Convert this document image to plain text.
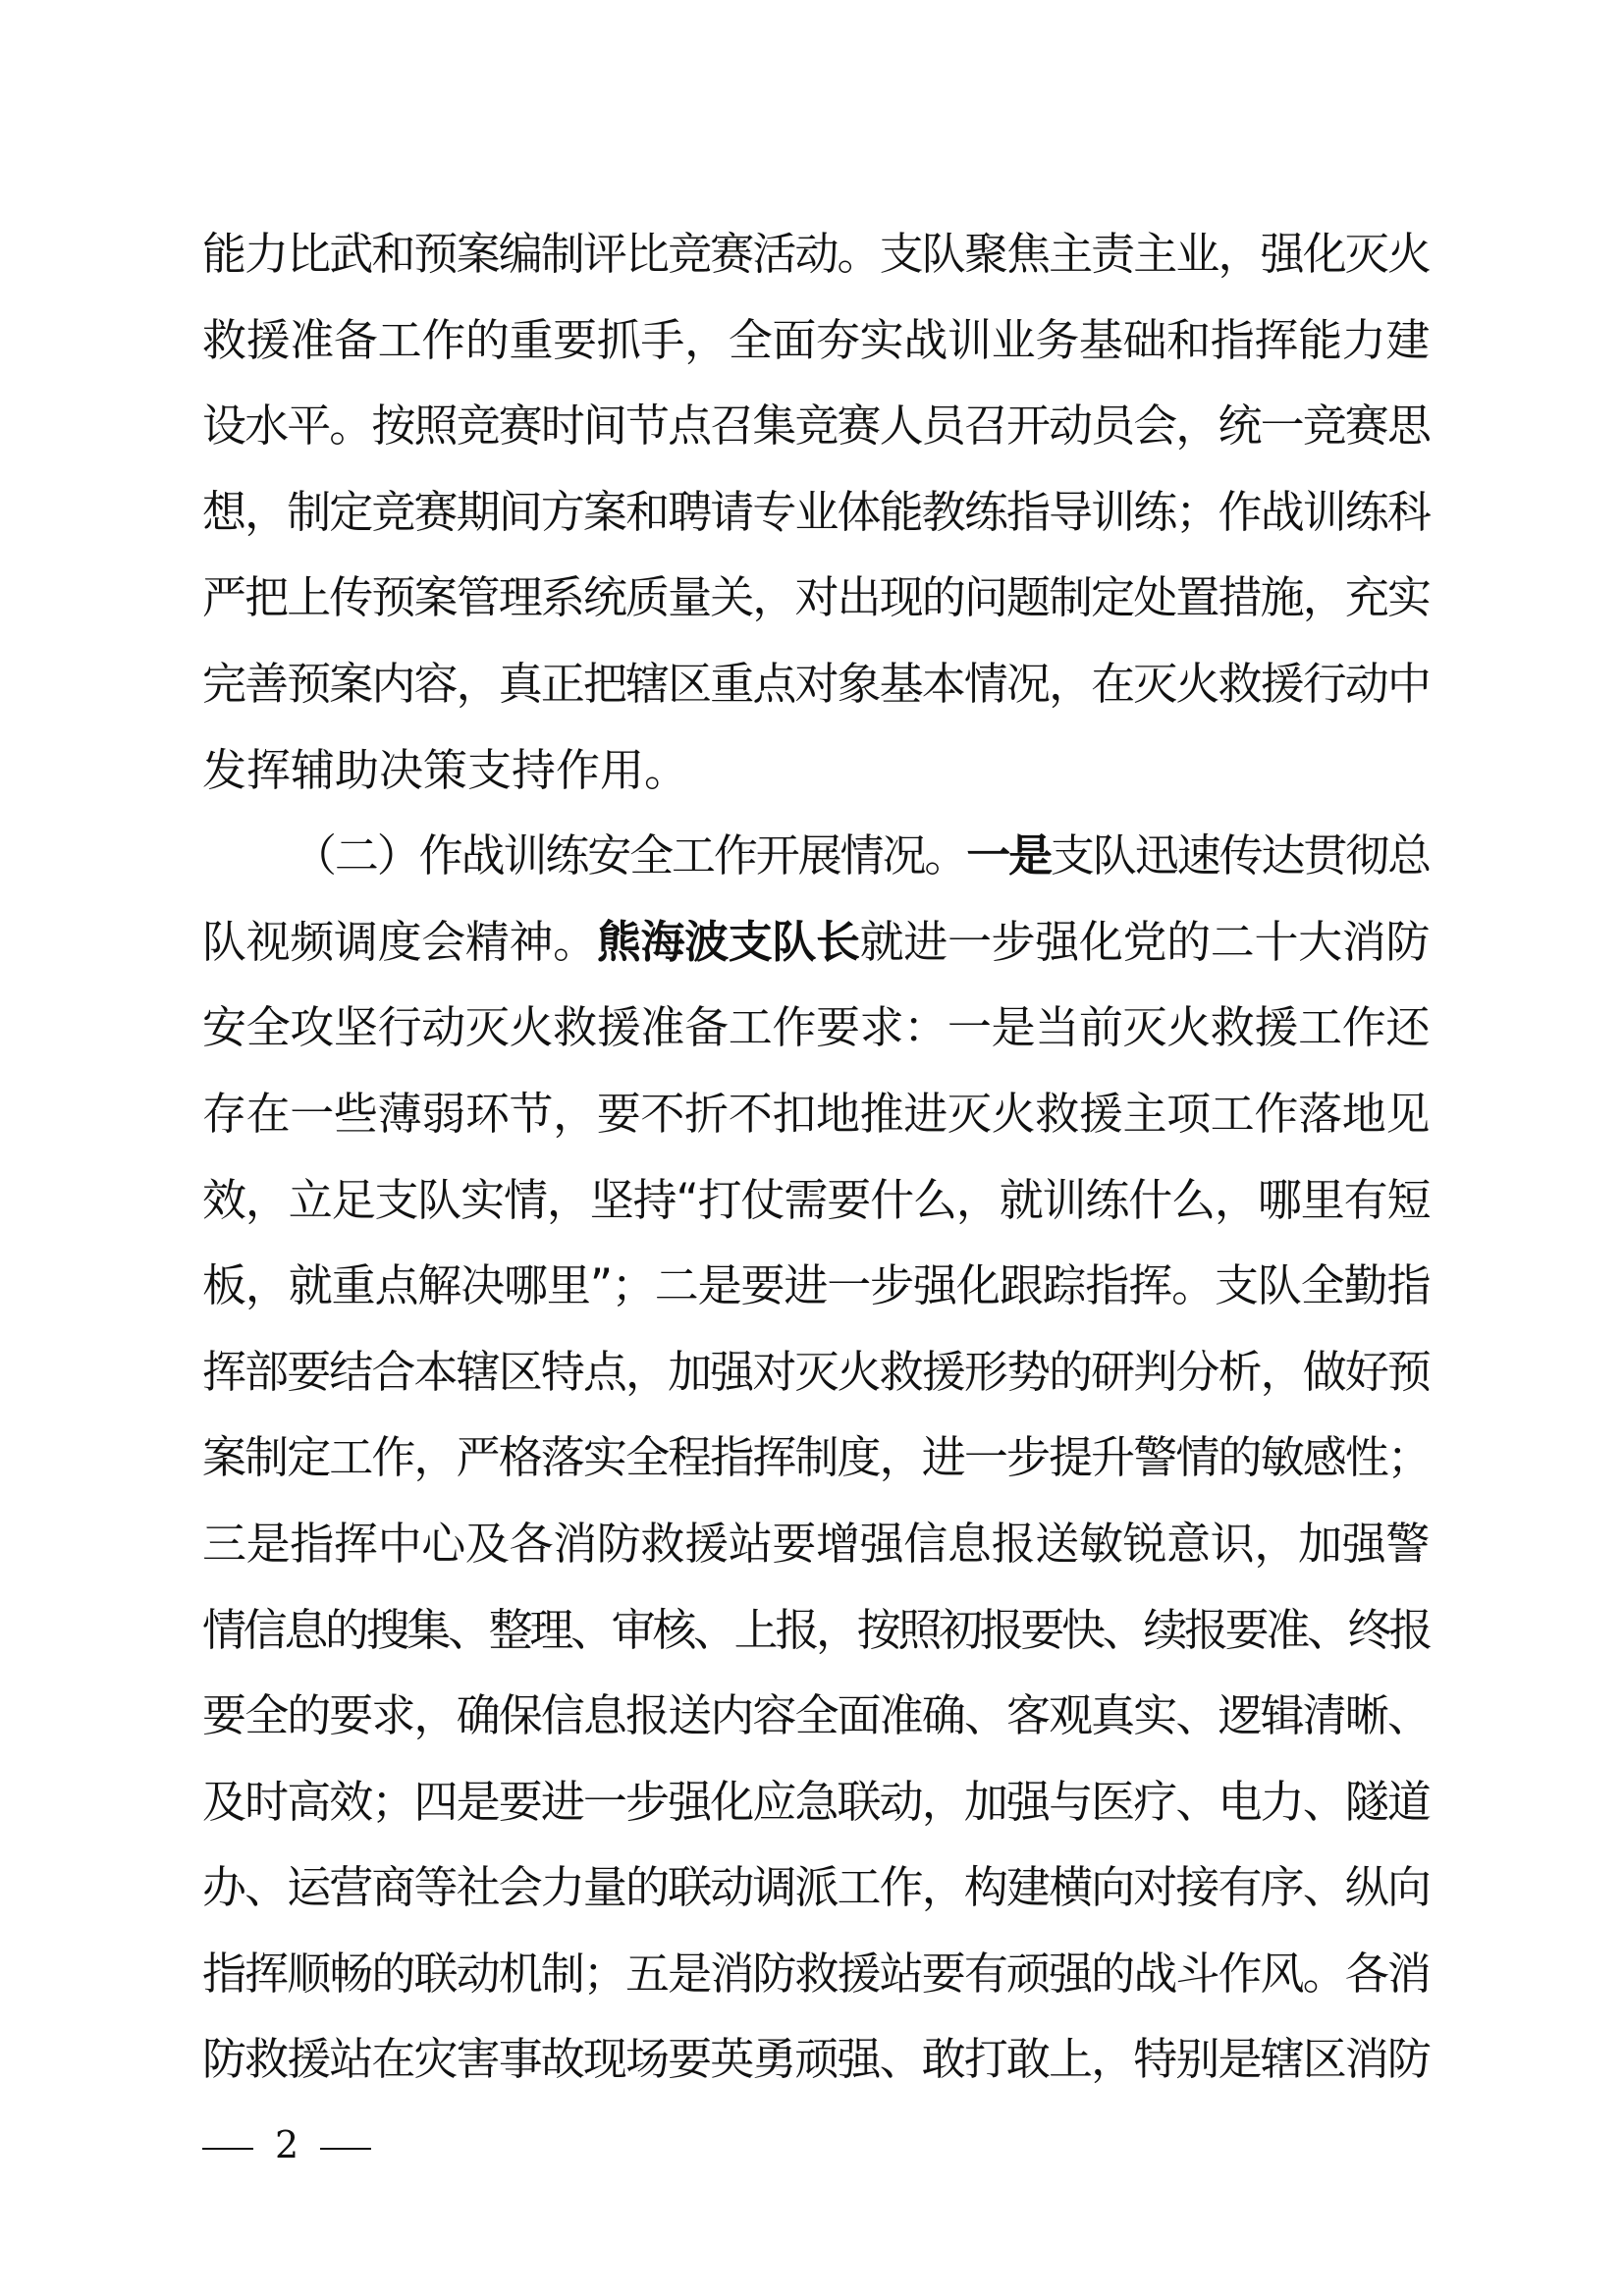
能力比武和预案编制评比竞赛活动。支队聚焦主责主业，强化灭火
救援准备工作的重要抓手，全面夯实战训业务基础和指挥能力建
设水平。按照竞赛时间节点召集竞赛人员召开动员会，统一竞赛思
想，制定竞赛期间方案和聘请专业体能教练指导训练；作战训练科
严把上传预案管理系统质量关，对出现的问题制定处置措施，充实
完善预案内容，真正把辖区重点对象基本情况，在灭火救援行动中
发挥辅助决策支持作用。
（二）作战训练安全工作开展情况。一是支队迅速传达贯彻总
队视频调度会精神。熊海波支队长就进一步强化党的二十大消防
安全攻坚行动灭火救援准备工作要求：一是当前灭火救援工作还
存在一些薄弱环节，要不折不扣地推进灭火救援主项工作落地见
效，立足支队实情，坚持“打仗需要什么，就训练什么，哪里有短
板，就重点解决哪里”；二是要进一步强化跟踪指挥。支队全勤指
挥部要结合本辖区特点，加强对灭火救援形势的研判分析，做好预
案制定工作，严格落实全程指挥制度，进一步提升警情的敏感性；
三是指挥中心及各消防救援站要增强信息报送敏锐意识，加强警
情信息的搜集、整理、审核、上报，按照初报要快、续报要准、终报
要全的要求，确保信息报送内容全面准确、客观真实、逻辑清晰、
及时高效；四是要进一步强化应急联动，加强与医疗、电力、隧道
办、运营商等社会力量的联动调派工作，构建横向对接有序、纵向
指挥顺畅的联动机制；五是消防救援站要有顽强的战斗作风。各消
防救援站在灾害事故现场要英勇顽强、敢打敢上，特别是辖区消防
2
